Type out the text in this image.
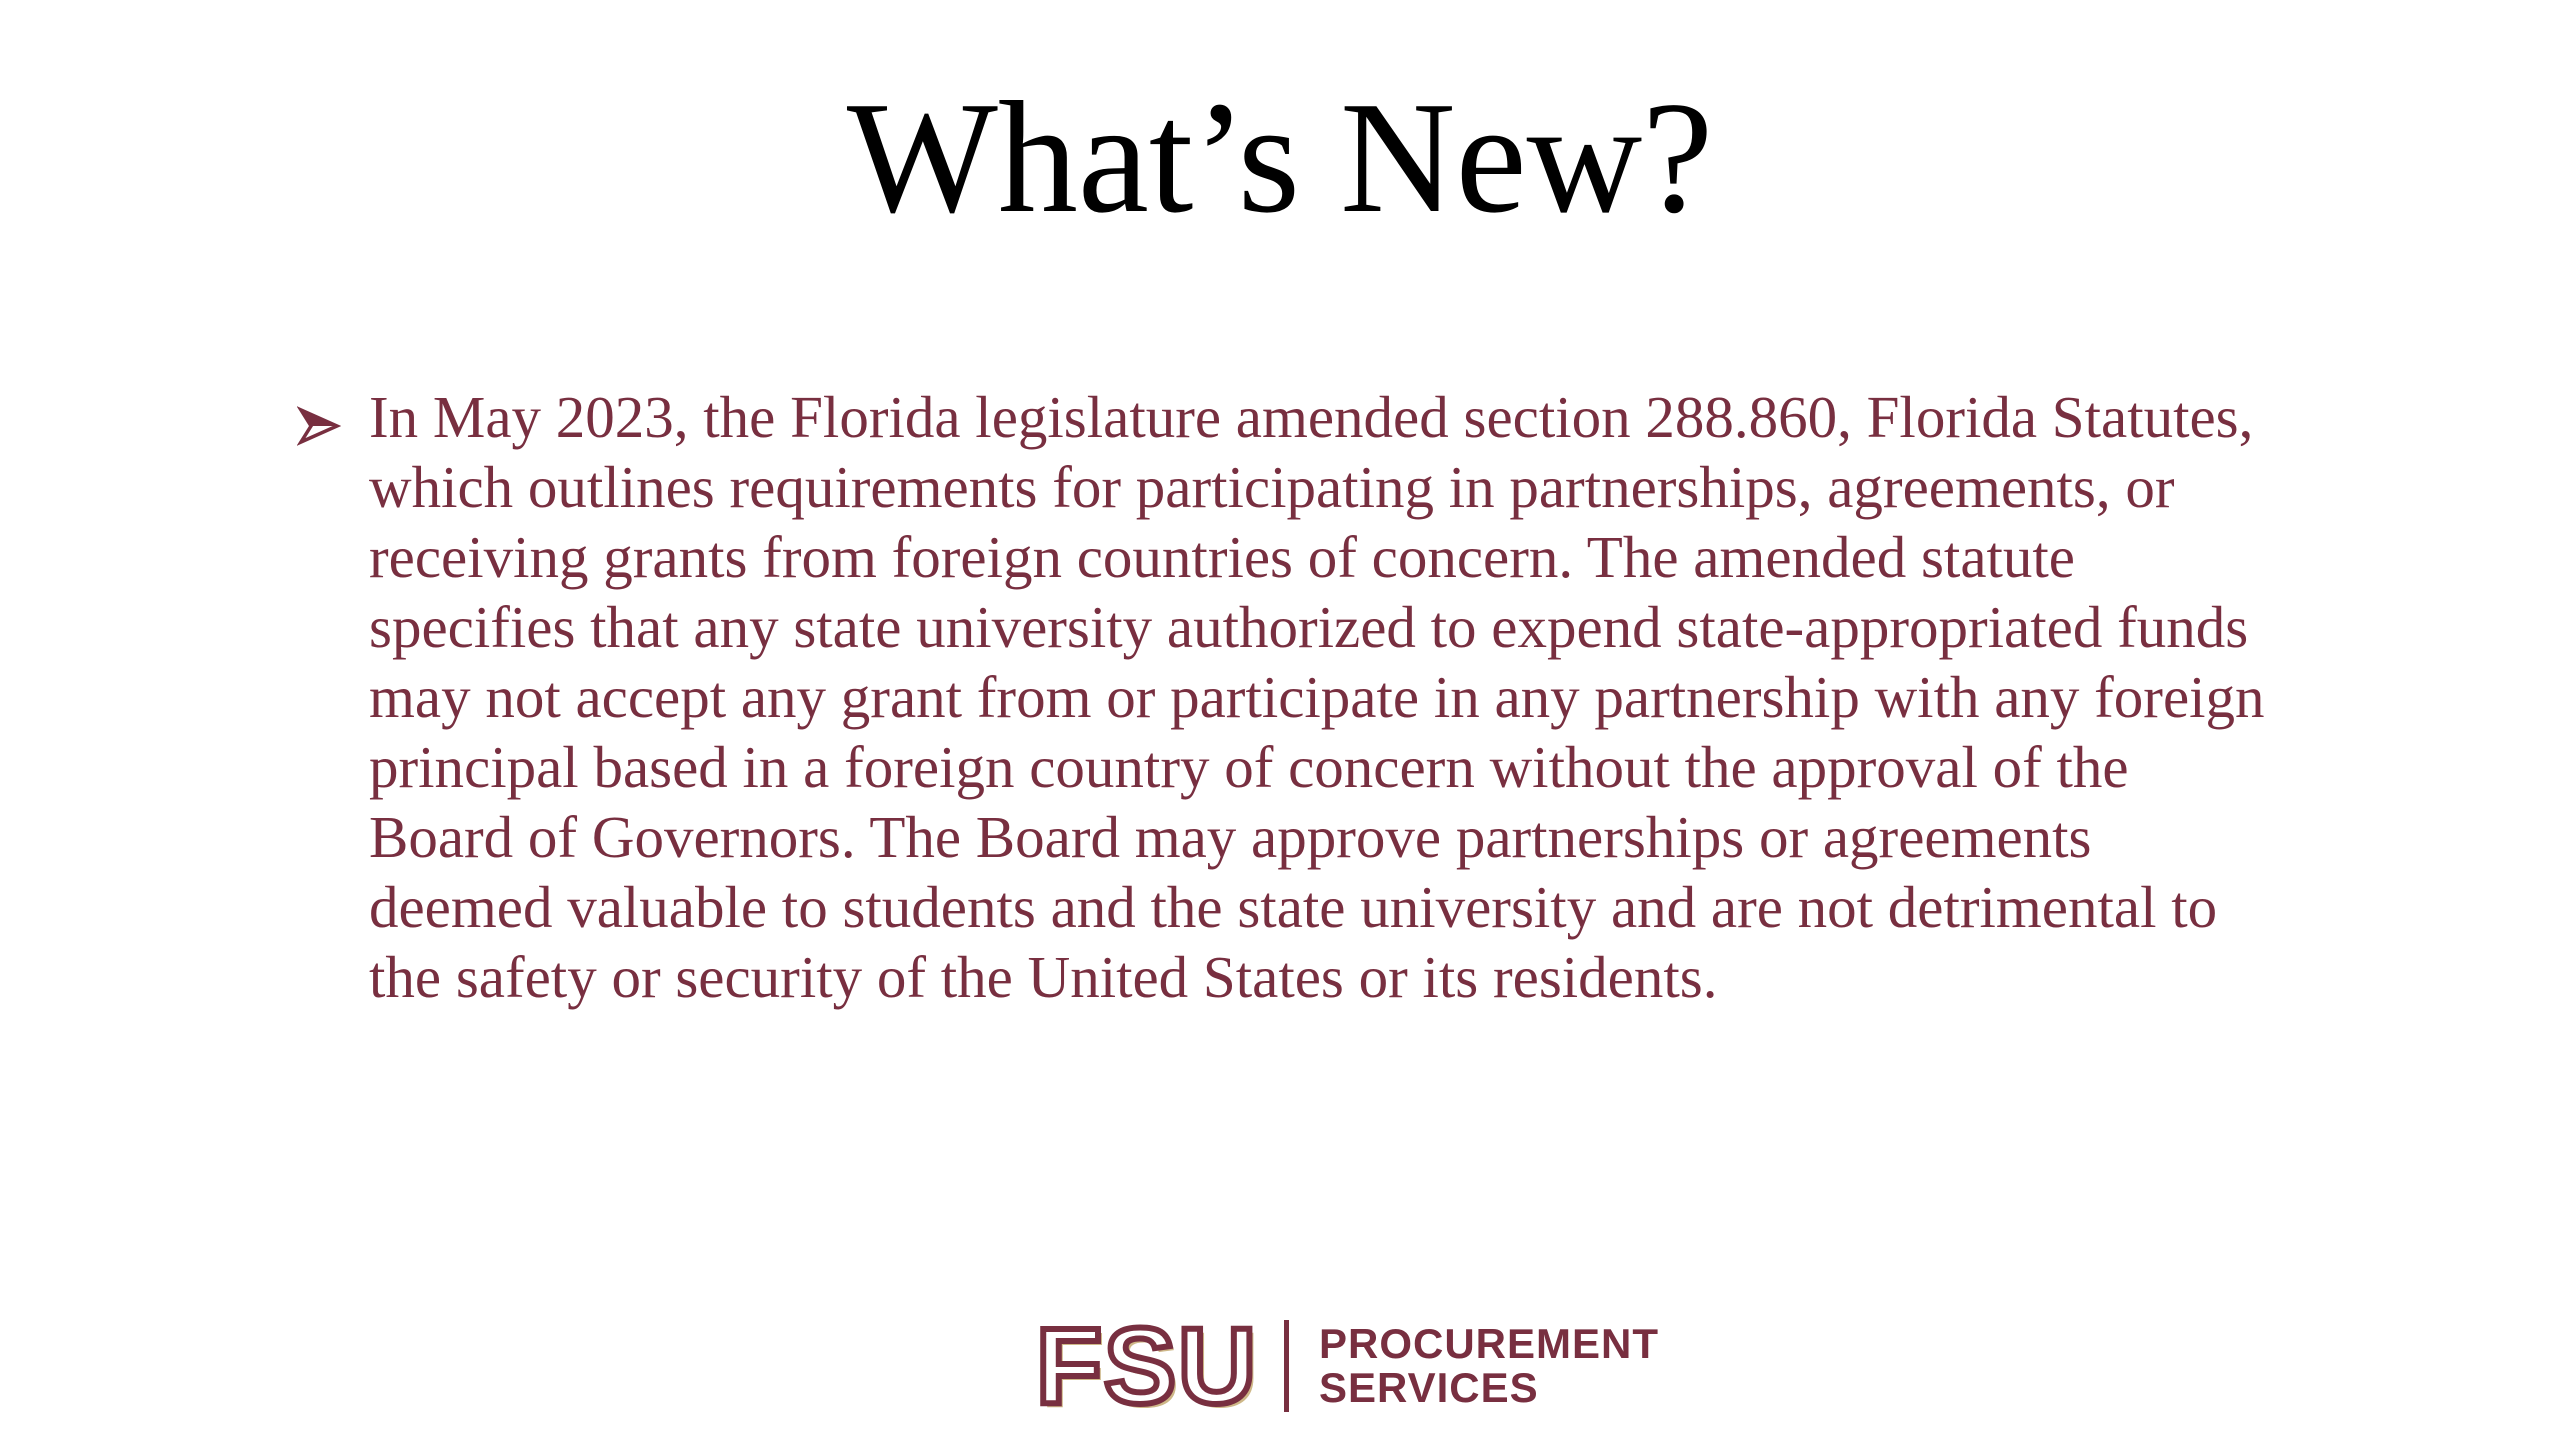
What’s New?
In May 2023, the Florida legislature amended section 288.860, Florida Statutes, which outlines requirements for participating in partnerships, agreements, or receiving grants from foreign countries of concern. The amended statute specifies that any state university authorized to expend state-appropriated funds may not accept any grant from or participate in any partnership with any foreign principal based in a foreign country of concern without the approval of the Board of Governors. The Board may approve partnerships or agreements deemed valuable to students and the state university and are not detrimental to the safety or security of the United States or its residents.
FSU	PROCUREMENT
SERVICES
